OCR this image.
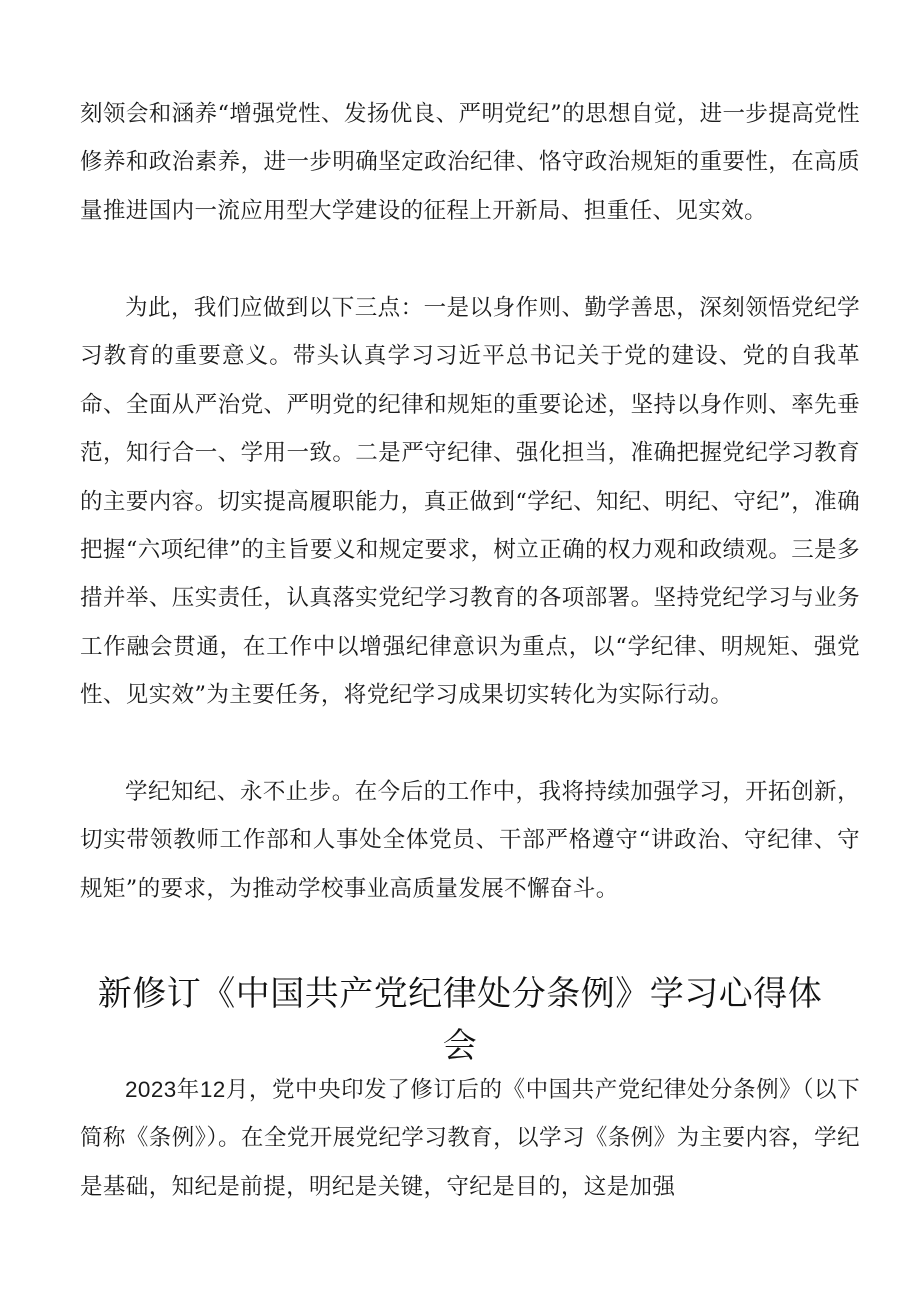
刻领会和涵养“增强党性、发扬优良、严明党纪”的思想自觉，进一步提高党性修养和政治素养，进一步明确坚定政治纪律、恪守政治规矩的重要性，在高质量推进国内一流应用型大学建设的征程上开新局、担重任、见实效。

为此，我们应做到以下三点：一是以身作则、勤学善思，深刻领悟党纪学习教育的重要意义。带头认真学习习近平总书记关于党的建设、党的自我革命、全面从严治党、严明党的纪律和规矩的重要论述，坚持以身作则、率先垂范，知行合一、学用一致。二是严守纪律、强化担当，准确把握党纪学习教育的主要内容。切实提高履职能力，真正做到“学纪、知纪、明纪、守纪”，准确把握“六项纪律”的主旨要义和规定要求，树立正确的权力观和政绩观。三是多措并举、压实责任，认真落实党纪学习教育的各项部署。坚持党纪学习与业务工作融会贯通，在工作中以增强纪律意识为重点，以“学纪律、明规矩、强党性、见实效”为主要任务，将党纪学习成果切实转化为实际行动。

学纪知纪、永不止步。在今后的工作中，我将持续加强学习，开拓创新，切实带领教师工作部和人事处全体党员、干部严格遵守“讲政治、守纪律、守规矩”的要求，为推动学校事业高质量发展不懈奋斗。

新修订《中国共产党纪律处分条例》学习心得体会

2023年12月，党中央印发了修订后的《中国共产党纪律处分条例》（以下简称《条例》）。在全党开展党纪学习教育，以学习《条例》为主要内容，学纪是基础，知纪是前提，明纪是关键，守纪是目的，这是加强
